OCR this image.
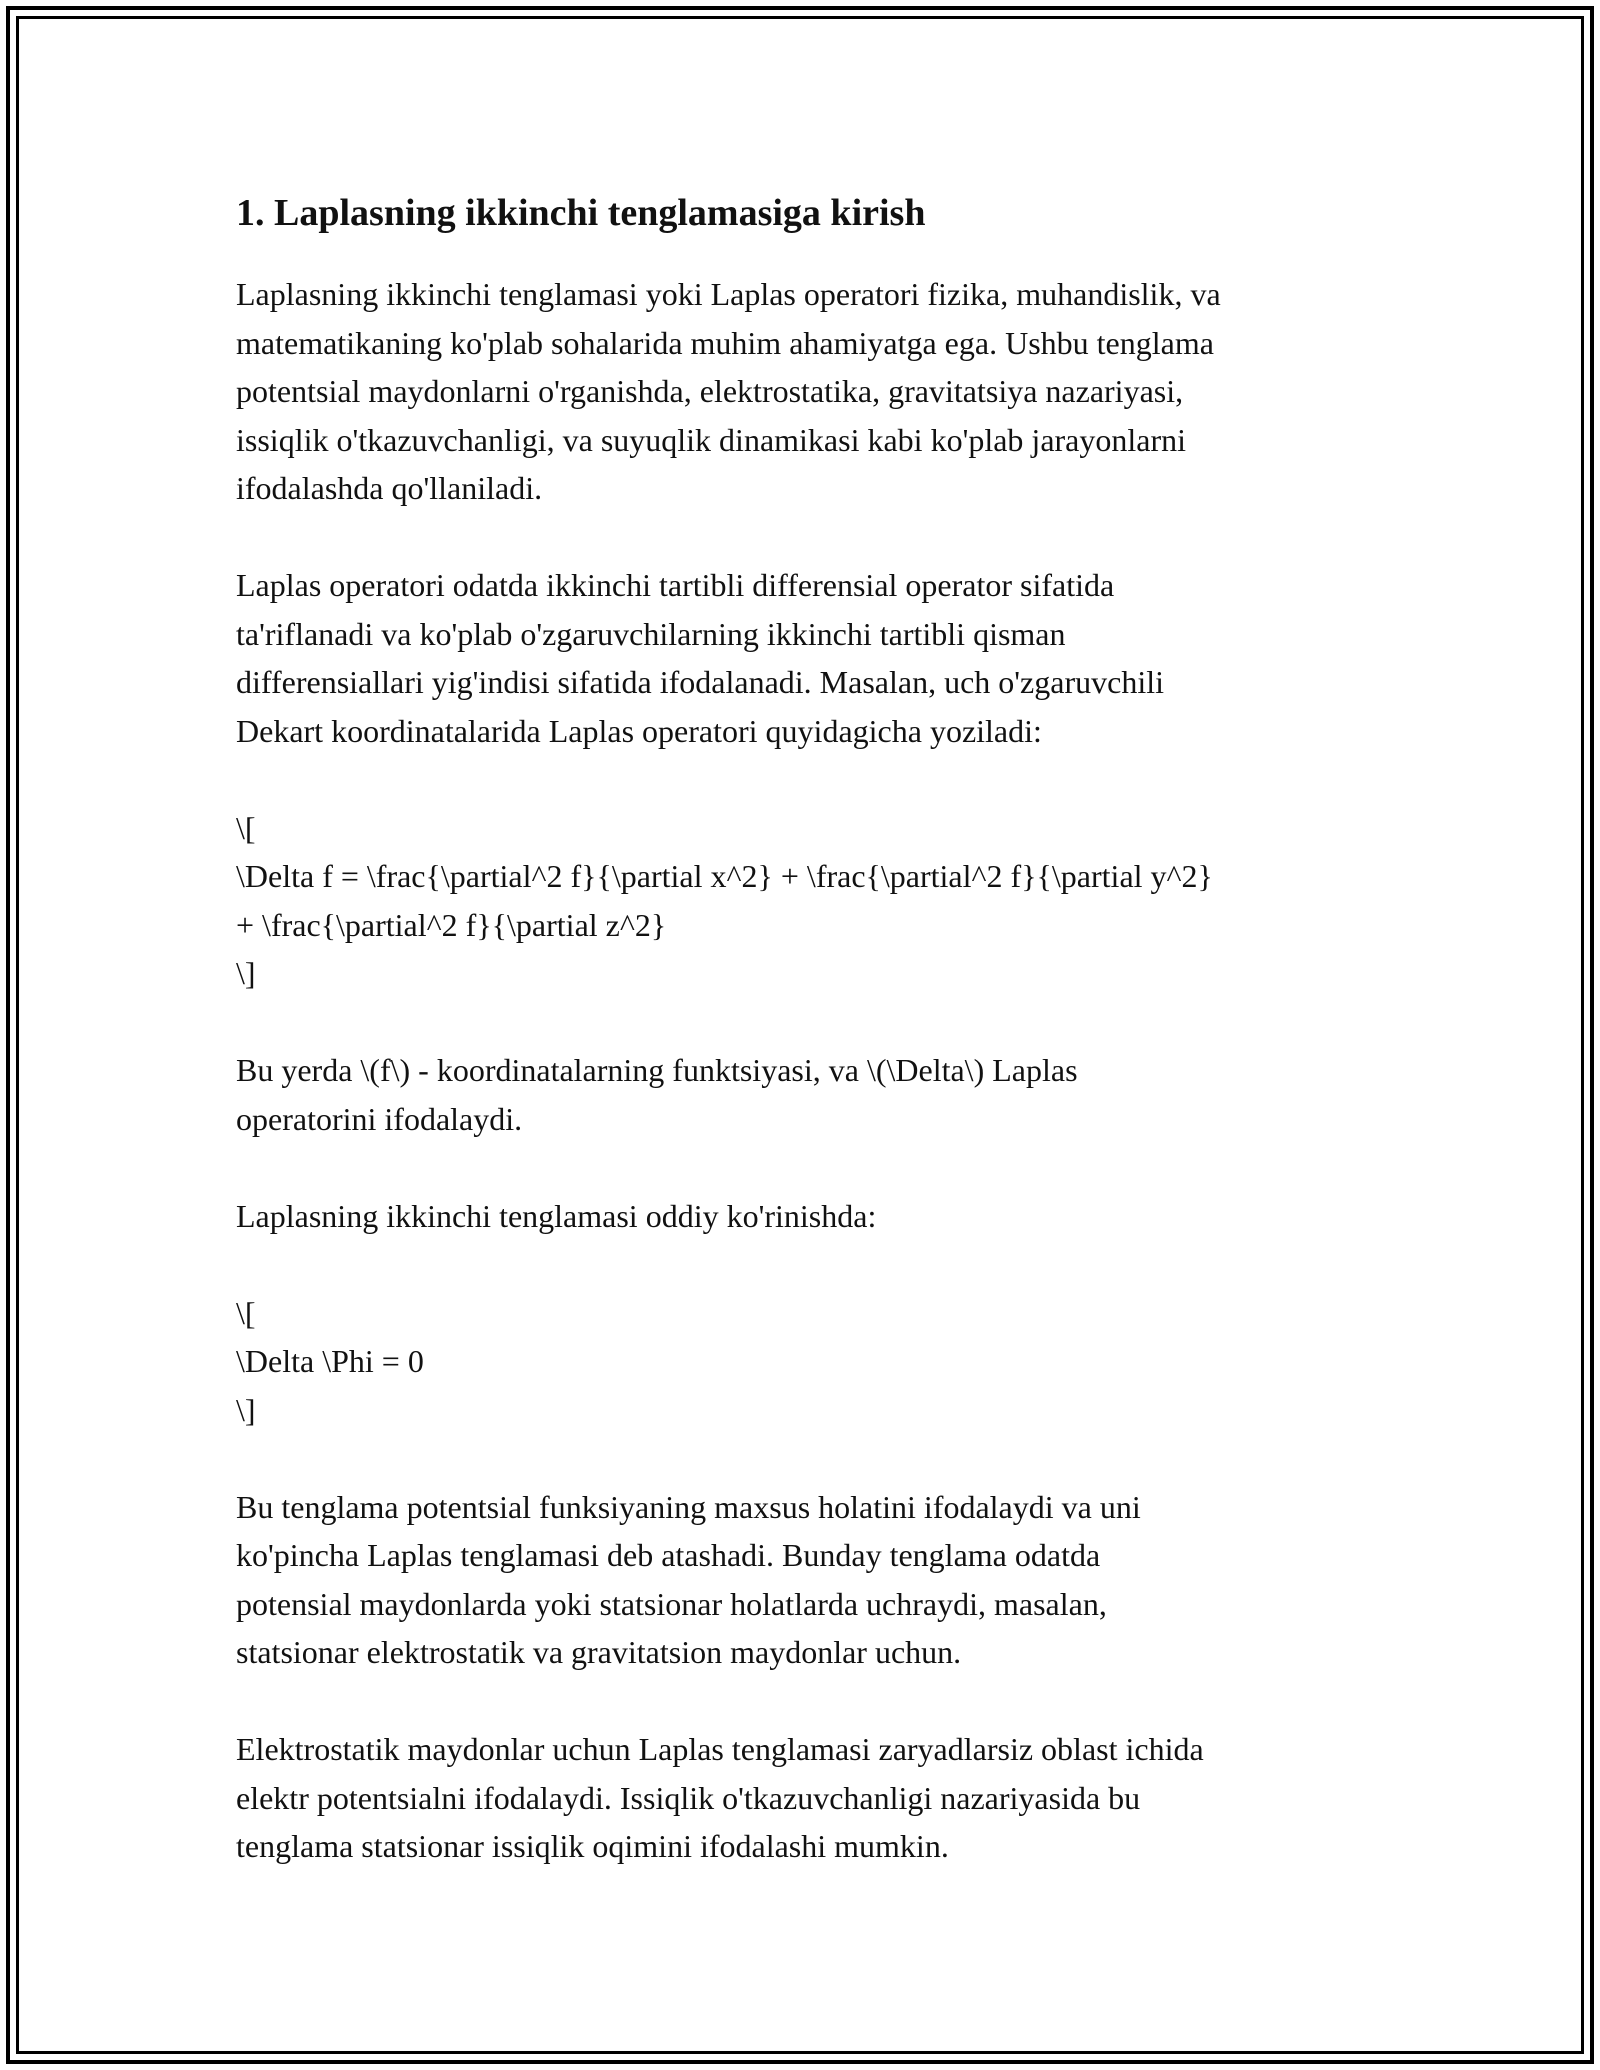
1. Laplasning ikkinchi tenglamasiga kirish

Laplasning ikkinchi tenglamasi yoki Laplas operatori fizika, muhandislik, va
matematikaning ko'plab sohalarida muhim ahamiyatga ega. Ushbu tenglama
potentsial maydonlarni o'rganishda, elektrostatika, gravitatsiya nazariyasi,
issiqlik o'tkazuvchanligi, va suyuqlik dinamikasi kabi ko'plab jarayonlarni
ifodalashda qo'llaniladi.

Laplas operatori odatda ikkinchi tartibli differensial operator sifatida
ta'riflanadi va ko'plab o'zgaruvchilarning ikkinchi tartibli qisman
differensiallari yig'indisi sifatida ifodalanadi. Masalan, uch o'zgaruvchili
Dekart koordinatalarida Laplas operatori quyidagicha yoziladi:

\[
\Delta f = \frac{\partial^2 f}{\partial x^2} + \frac{\partial^2 f}{\partial y^2}
+ \frac{\partial^2 f}{\partial z^2}
\]

Bu yerda \(f\) - koordinatalarning funktsiyasi, va \(\Delta\) Laplas
operatorini ifodalaydi.

Laplasning ikkinchi tenglamasi oddiy ko'rinishda:

\[
\Delta \Phi = 0
\]

Bu tenglama potentsial funksiyaning maxsus holatini ifodalaydi va uni
ko'pincha Laplas tenglamasi deb atashadi. Bunday tenglama odatda
potensial maydonlarda yoki statsionar holatlarda uchraydi, masalan,
statsionar elektrostatik va gravitatsion maydonlar uchun.

Elektrostatik maydonlar uchun Laplas tenglamasi zaryadlarsiz oblast ichida
elektr potentsialni ifodalaydi. Issiqlik o'tkazuvchanligi nazariyasida bu
tenglama statsionar issiqlik oqimini ifodalashi mumkin.
